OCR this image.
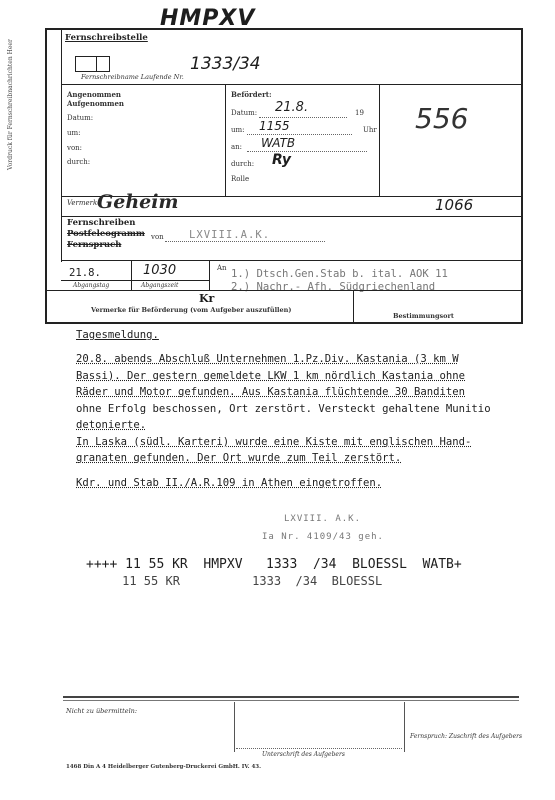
HMPXV
Vordruck für Fernschreibnachrichten Heer
Fernschreibstelle
Fernschreibname Laufende Nr.
1333/34
Angenommen
Aufgenommen
Datum:
um:
von:
durch:
Befördert:
Datum: 21.8.	19
um: 1155	Uhr
an: WATB
durch: Ry
Rolle
556
Vermerke
Geheim	1066
Fernschreiben
Postfeleogramm
Fernspruch
von LXVIII.A.K.
21.8.	1030
Abgangstag	Abgangszeit
An 1.) Dtsch.Gen.Stab b. ital. AOK 11
2.) Nachr.- Afh. Südgriechenland
Kr
Vermerke für Beförderung (vom Aufgeber auszufüllen)
Bestimmungsort
Tagesmeldung.
20.8. abends Abschluß Unternehmen 1.Pz.Div. Kastania (3 km W
Bassi). Der gestern gemeldete LKW 1 km nördlich Kastania ohne
Räder und Motor gefunden. Aus Kastania flüchtende 30 Banditen
ohne Erfolg beschossen, Ort zerstört. Versteckt gehaltene Munitio
detonierte.
In Laska (südl. Karteri) wurde eine Kiste mit englischen Hand-
granaten gefunden. Der Ort wurde zum Teil zerstört.
Kdr. und Stab II./A.R.109 in Athen eingetroffen.
LXVIII. A.K.
Ia Nr. 4109/43 geh.
++++ 11 55 KR  HMPXV   1333  /34  BLOESSL  WATB+
11 55 KR          1333  /34  BLOESSL
Nicht zu übermitteln:
Unterschrift des Aufgebers
Fernspruch: Zuschrift des Aufgebers
1468 Din A 4 Heidelberger Gutenberg-Druckerei GmbH. IV. 43.
